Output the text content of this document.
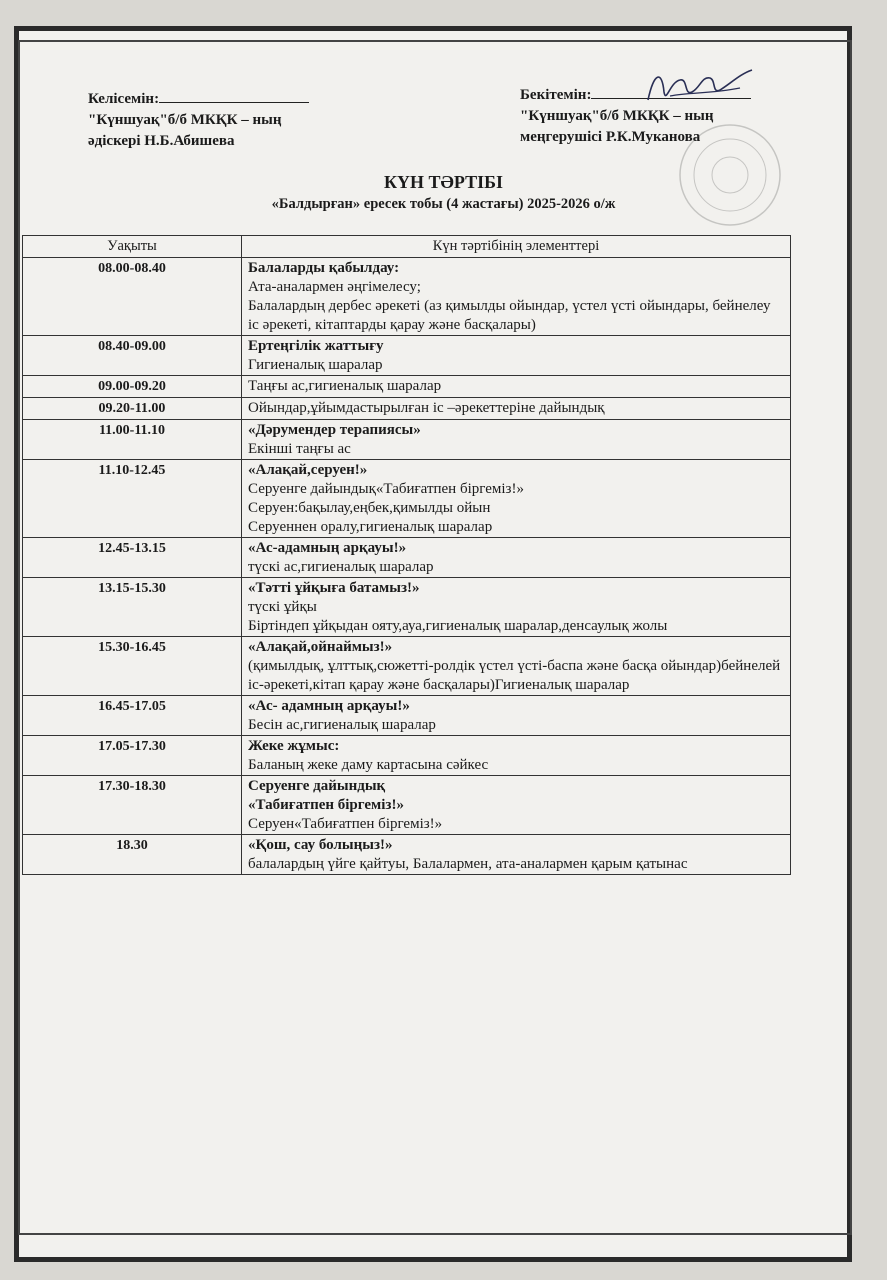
Келісемін:
"Күншуақ"б/б МКҚК – ның
әдіскері Н.Б.Абишева
Бекітемін:
"Күншуақ"б/б МКҚК – ның
меңгерушісі Р.К.Муканова
КҮН ТӘРТІБІ
«Балдырған» ересек тобы (4 жастағы) 2025-2026 о/ж
Уақыты	Күн тәртібінің элементтері
08.00-08.40	Балаларды қабылдау:
Ата-аналармен әңгімелесу;
Балалардың дербес әрекеті (аз қимылды ойындар, үстел үсті ойындары, бейнелеу іс әрекеті, кітаптарды қарау және басқалары)

08.40-09.00	Ертеңгілік жаттығу
Гигиеналық шаралар

09.00-09.20	Таңғы ас,гигиеналық шаралар

09.20-11.00	Ойындар,ұйымдастырылған іс –әрекеттеріне дайындық

11.00-11.10	«Дәрумендер терапиясы»
Екінші таңғы ас

11.10-12.45	«Алақай,серуен!»
Серуенге дайындық«Табиғатпен біргеміз!»
Серуен:бақылау,еңбек,қимылды ойын
Серуеннен оралу,гигиеналық шаралар

12.45-13.15	«Ас-адамның арқауы!»
түскі ас,гигиеналық шаралар

13.15-15.30	«Тәтті ұйқыға батамыз!»
түскі ұйқы
Біртіндеп ұйқыдан ояту,ауа,гигиеналық шаралар,денсаулық жолы

15.30-16.45	«Алақай,ойнаймыз!»
(қимылдық, ұлттық,сюжетті-ролдік үстел үсті-баспа және басқа ойындар)бейнелей іс-әрекеті,кітап қарау және басқалары)Гигиеналық шаралар

16.45-17.05	«Ас- адамның арқауы!»
Бесін ас,гигиеналық шаралар

17.05-17.30	Жеке жұмыс:
Баланың жеке даму картасына сәйкес

17.30-18.30	Серуенге дайындық
«Табиғатпен біргеміз!»
Серуен«Табиғатпен біргеміз!»

18.30	«Қош, сау болыңыз!»
балалардың үйге қайтуы, Балалармен, ата-аналармен қарым қатынас
